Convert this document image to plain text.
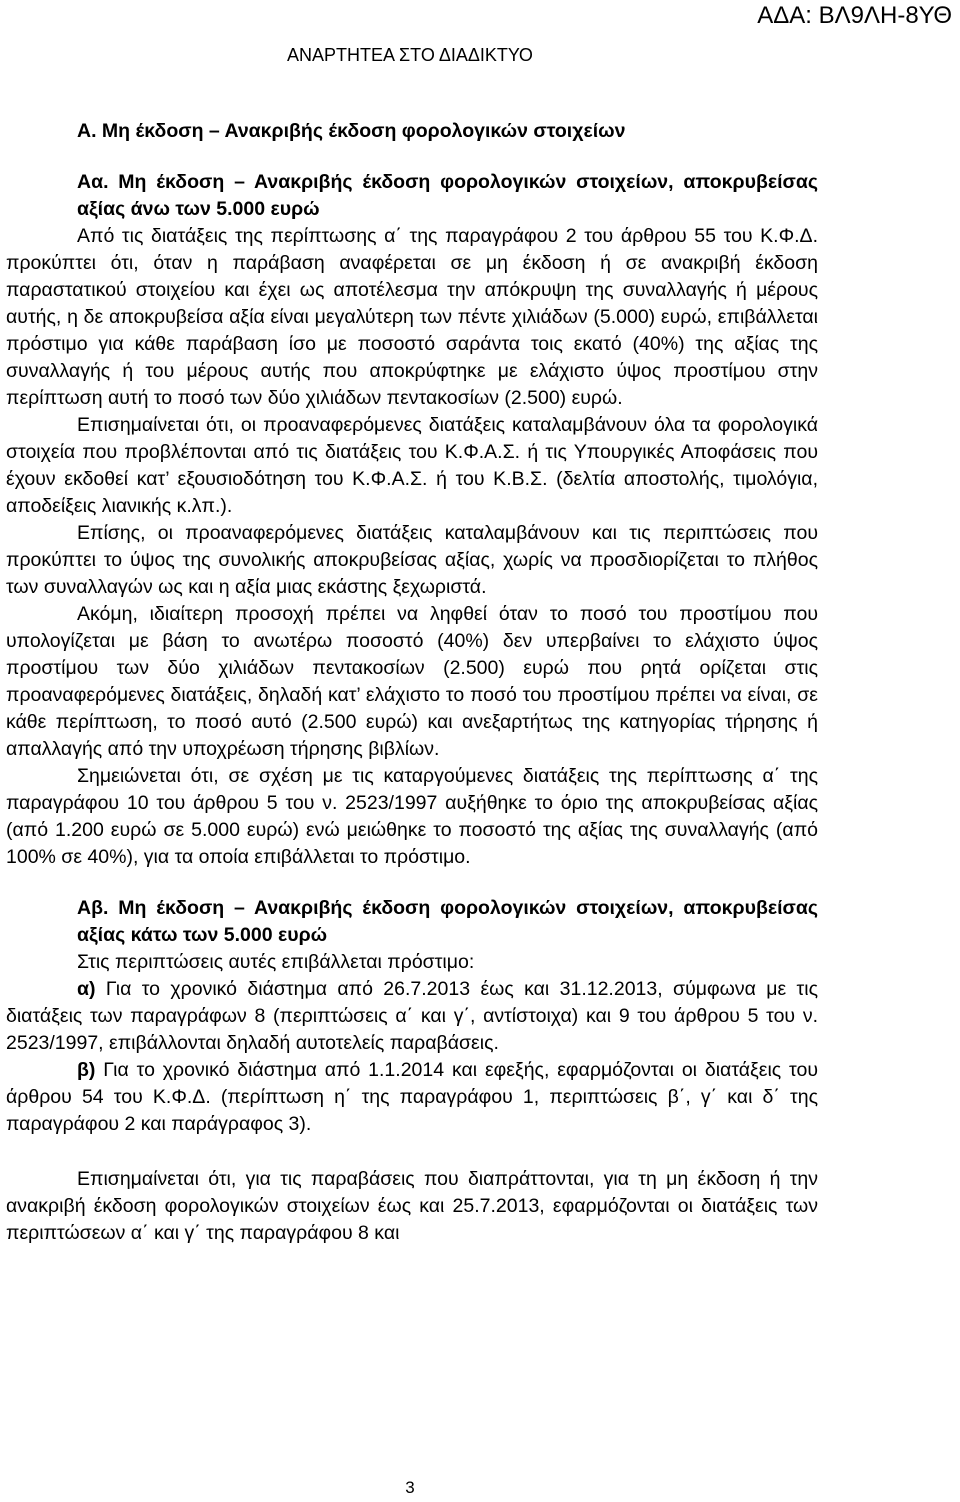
ΑΔΑ: ΒΛ9ΛΗ-8ΥΘ
ΑΝΑΡΤΗΤΕΑ ΣΤΟ ΔΙΑΔΙΚΤΥΟ

Α. Μη έκδοση – Ανακριβής έκδοση φορολογικών στοιχείων

Αα. Μη έκδοση – Ανακριβής έκδοση φορολογικών στοιχείων, αποκρυβείσας αξίας άνω των 5.000 ευρώ

Από τις διατάξεις της περίπτωσης α΄ της παραγράφου 2 του άρθρου 55 του Κ.Φ.Δ. προκύπτει ότι, όταν η παράβαση αναφέρεται σε μη έκδοση ή σε ανακριβή έκδοση παραστατικού στοιχείου και έχει ως αποτέλεσμα την απόκρυψη της συναλλαγής ή μέρους αυτής, η δε αποκρυβείσα αξία είναι μεγαλύτερη των πέντε χιλιάδων (5.000) ευρώ, επιβάλλεται πρόστιμο για κάθε παράβαση ίσο με ποσοστό σαράντα τοις εκατό (40%) της αξίας της συναλλαγής ή του μέρους αυτής που αποκρύφτηκε με ελάχιστο ύψος προστίμου στην περίπτωση αυτή το ποσό των δύο χιλιάδων πεντακοσίων (2.500) ευρώ.

Επισημαίνεται ότι, οι προαναφερόμενες διατάξεις καταλαμβάνουν όλα τα φορολογικά στοιχεία που προβλέπονται από τις διατάξεις του Κ.Φ.Α.Σ. ή τις Υπουργικές Αποφάσεις που έχουν εκδοθεί κατ’ εξουσιοδότηση του Κ.Φ.Α.Σ. ή του Κ.Β.Σ. (δελτία αποστολής, τιμολόγια, αποδείξεις λιανικής κ.λπ.).

Επίσης, οι προαναφερόμενες διατάξεις καταλαμβάνουν και τις περιπτώσεις που προκύπτει το ύψος της συνολικής αποκρυβείσας αξίας, χωρίς να προσδιορίζεται το πλήθος των συναλλαγών ως και η αξία μιας εκάστης ξεχωριστά.

Ακόμη, ιδιαίτερη προσοχή πρέπει να ληφθεί όταν το ποσό του προστίμου που υπολογίζεται με βάση το ανωτέρω ποσοστό (40%) δεν υπερβαίνει το ελάχιστο ύψος προστίμου των δύο χιλιάδων πεντακοσίων (2.500) ευρώ που ρητά ορίζεται στις προαναφερόμενες διατάξεις, δηλαδή κατ’ ελάχιστο το ποσό του προστίμου πρέπει να είναι, σε κάθε περίπτωση, το ποσό αυτό (2.500 ευρώ) και ανεξαρτήτως της κατηγορίας τήρησης ή απαλλαγής από την υποχρέωση τήρησης βιβλίων.

Σημειώνεται ότι, σε σχέση με τις καταργούμενες διατάξεις της περίπτωσης α΄ της παραγράφου 10 του άρθρου 5 του ν. 2523/1997 αυξήθηκε το όριο της αποκρυβείσας αξίας (από 1.200 ευρώ σε 5.000 ευρώ) ενώ μειώθηκε το ποσοστό της αξίας της συναλλαγής (από 100% σε 40%), για τα οποία επιβάλλεται το πρόστιμο.

Αβ. Μη έκδοση – Ανακριβής έκδοση φορολογικών στοιχείων, αποκρυβείσας αξίας κάτω των 5.000 ευρώ

Στις περιπτώσεις αυτές επιβάλλεται πρόστιμο:

α) Για το χρονικό διάστημα από 26.7.2013 έως και 31.12.2013, σύμφωνα με τις διατάξεις των παραγράφων 8 (περιπτώσεις α΄ και γ΄, αντίστοιχα) και 9 του άρθρου 5 του ν. 2523/1997, επιβάλλονται δηλαδή αυτοτελείς παραβάσεις.

β) Για το χρονικό διάστημα από 1.1.2014 και εφεξής, εφαρμόζονται οι διατάξεις του άρθρου 54 του Κ.Φ.Δ. (περίπτωση η΄ της παραγράφου 1, περιπτώσεις β΄, γ΄ και δ΄ της παραγράφου 2 και παράγραφος 3).

Επισημαίνεται ότι, για τις παραβάσεις που διαπράττονται, για τη μη έκδοση ή την ανακριβή έκδοση φορολογικών στοιχείων έως και 25.7.2013, εφαρμόζονται οι διατάξεις των περιπτώσεων α΄ και γ΄ της παραγράφου 8 και

3
